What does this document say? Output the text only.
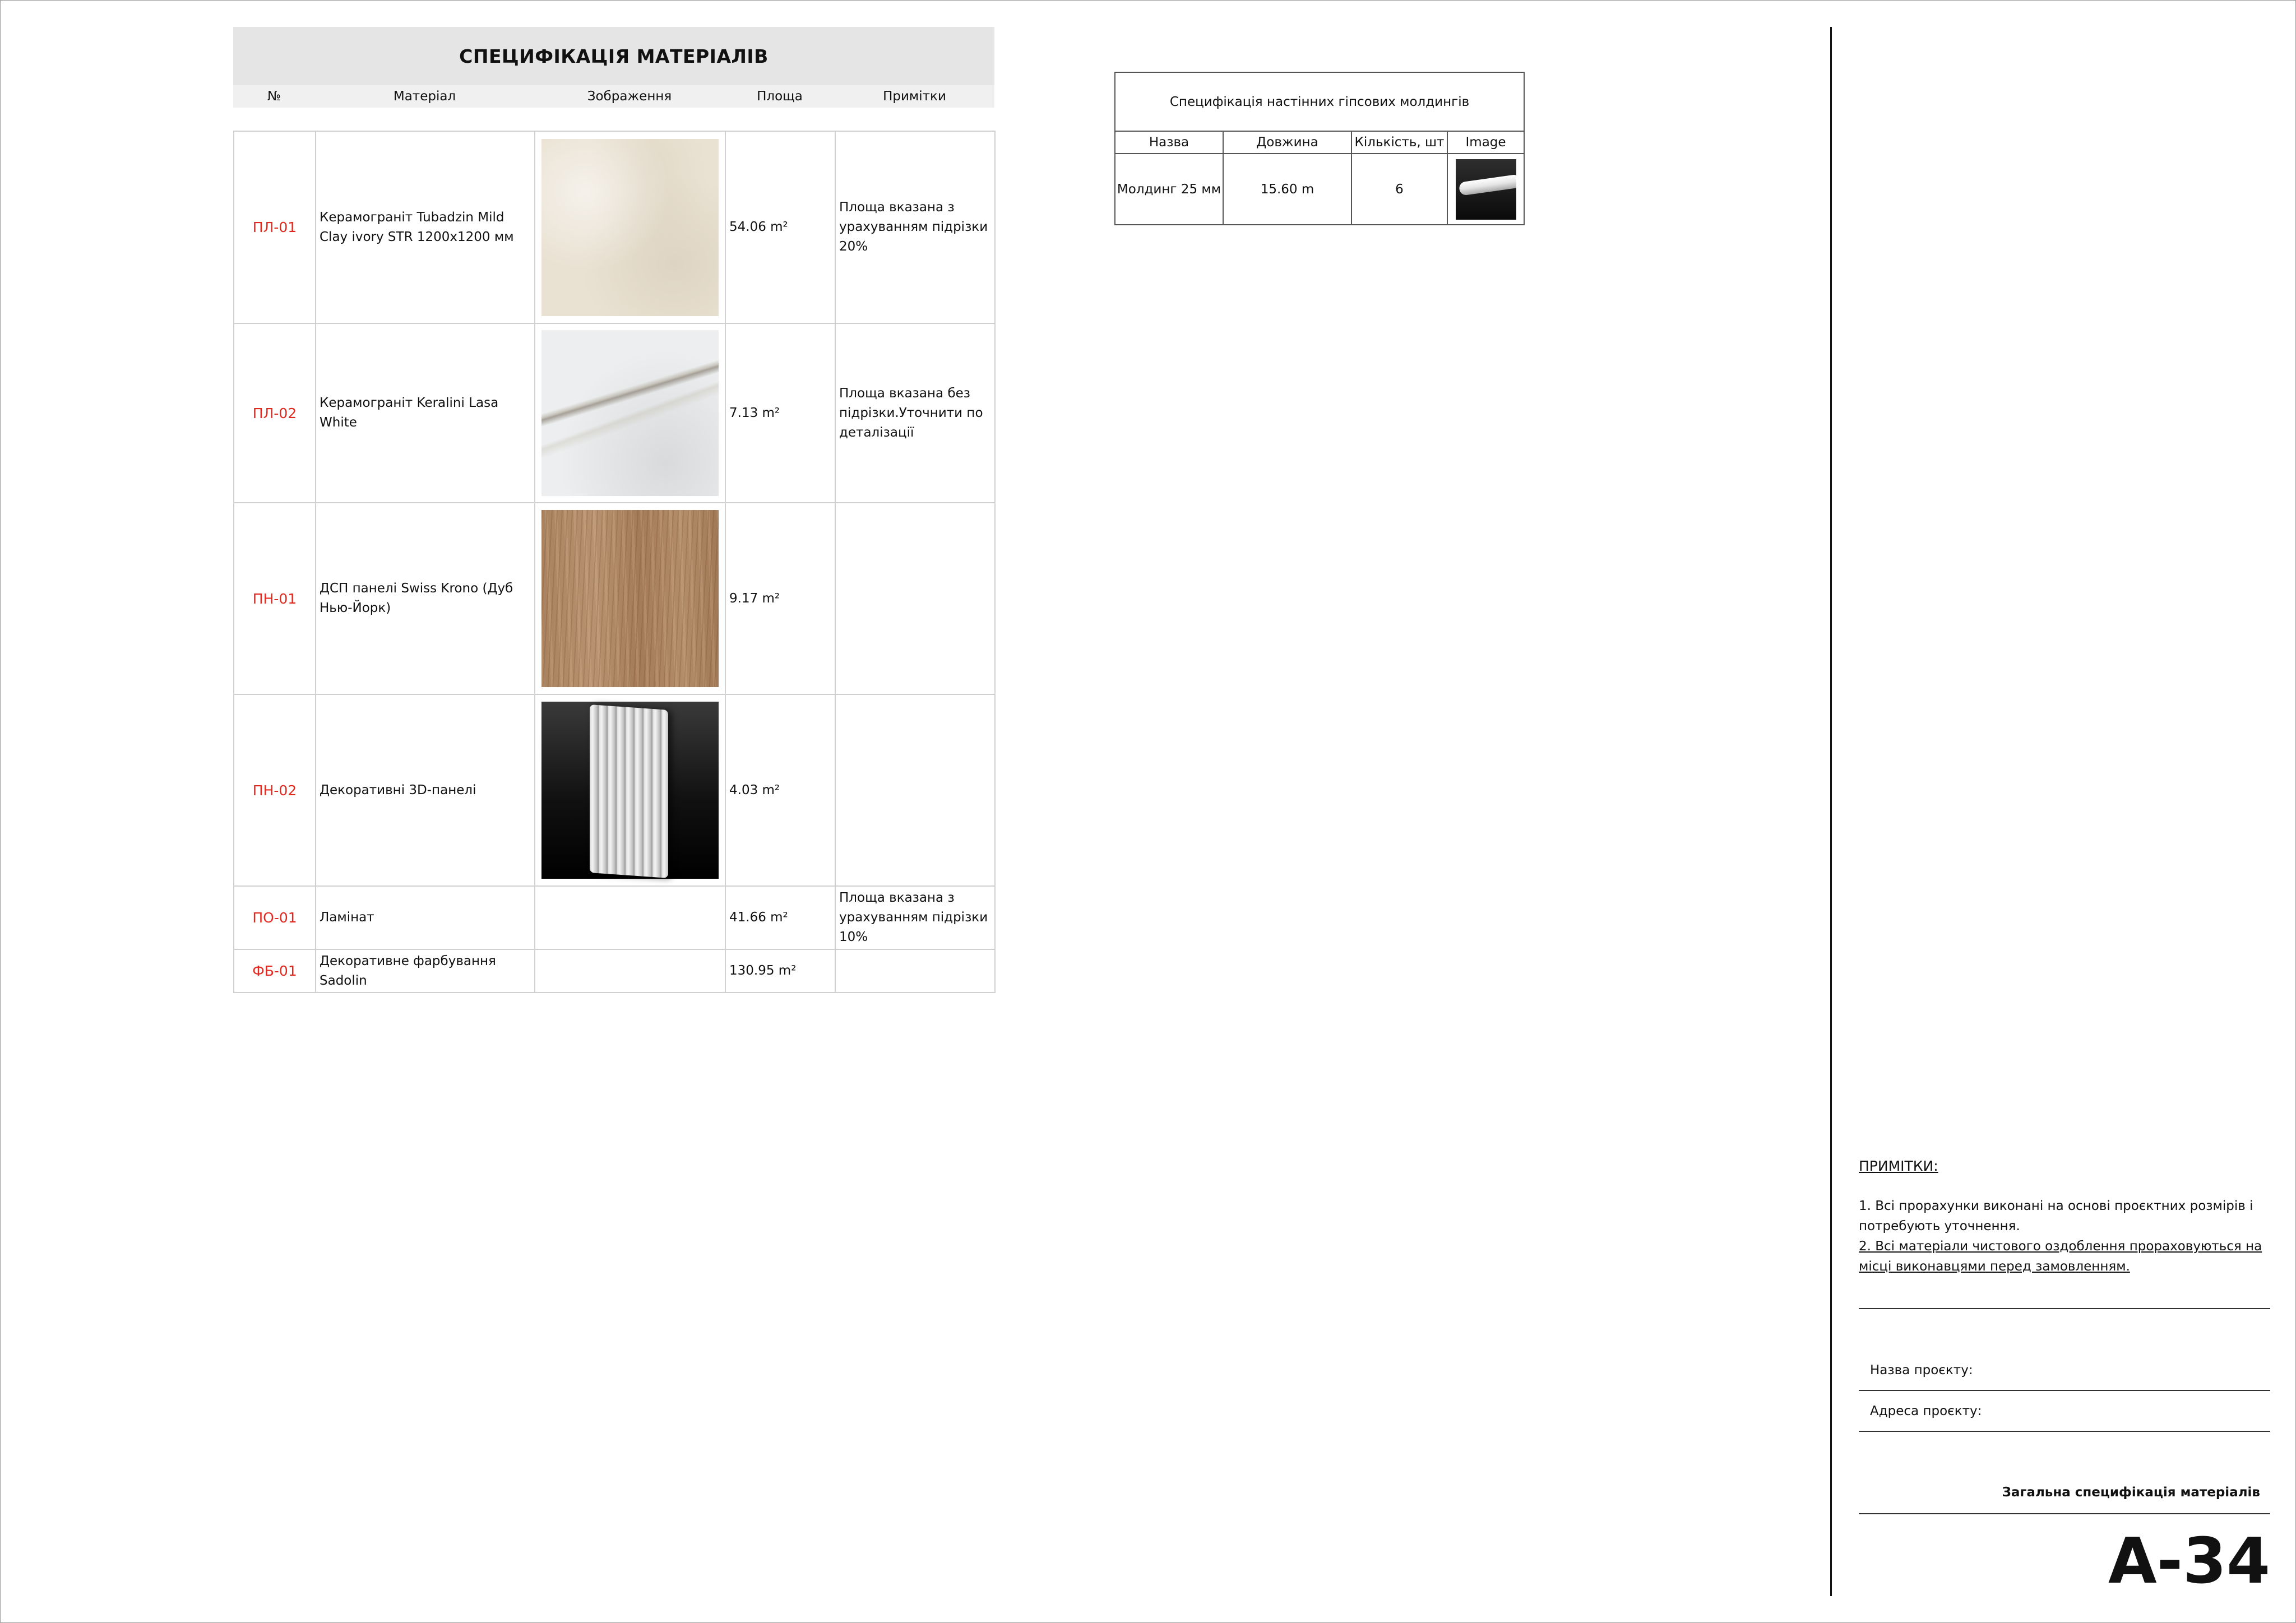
СПЕЦИФІКАЦІЯ МАТЕРІАЛІВ
№	Матеріал	Зображення	Площа	Примітки
ПЛ-01	Керамограніт Tubadzin Mild Clay ivory STR 1200x1200 мм		54.06 m²	Площа вказана з урахуванням підрізки 20%
ПЛ-02	Керамограніт Keralini Lasa White		7.13 m²	Площа вказана без підрізки.Уточнити по деталізації
ПН-01	ДСП панелі Swiss Krono (Дуб Нью-Йорк)		9.17 m²	
ПН-02	Декоративні 3D-панелі		4.03 m²	
ПО-01	Ламінат		41.66 m²	Площа вказана з урахуванням підрізки 10%
ФБ-01	Декоративне фарбування Sadolin		130.95 m²	
Специфікація настінних гіпсових молдингів			
Назва	Довжина	Кількість, шт	Image
Молдинг 25 мм	15.60 m	6	
ПРИМІТКИ:
1. Всі прорахунки виконані на основі проєктних розмірів і потребують уточнення.
2. Всі матеріали чистового оздоблення прораховуються на місці виконавцями перед замовленням.
Назва проєкту:
Адреса проєкту:
Загальна специфікація матеріалів
А-34
